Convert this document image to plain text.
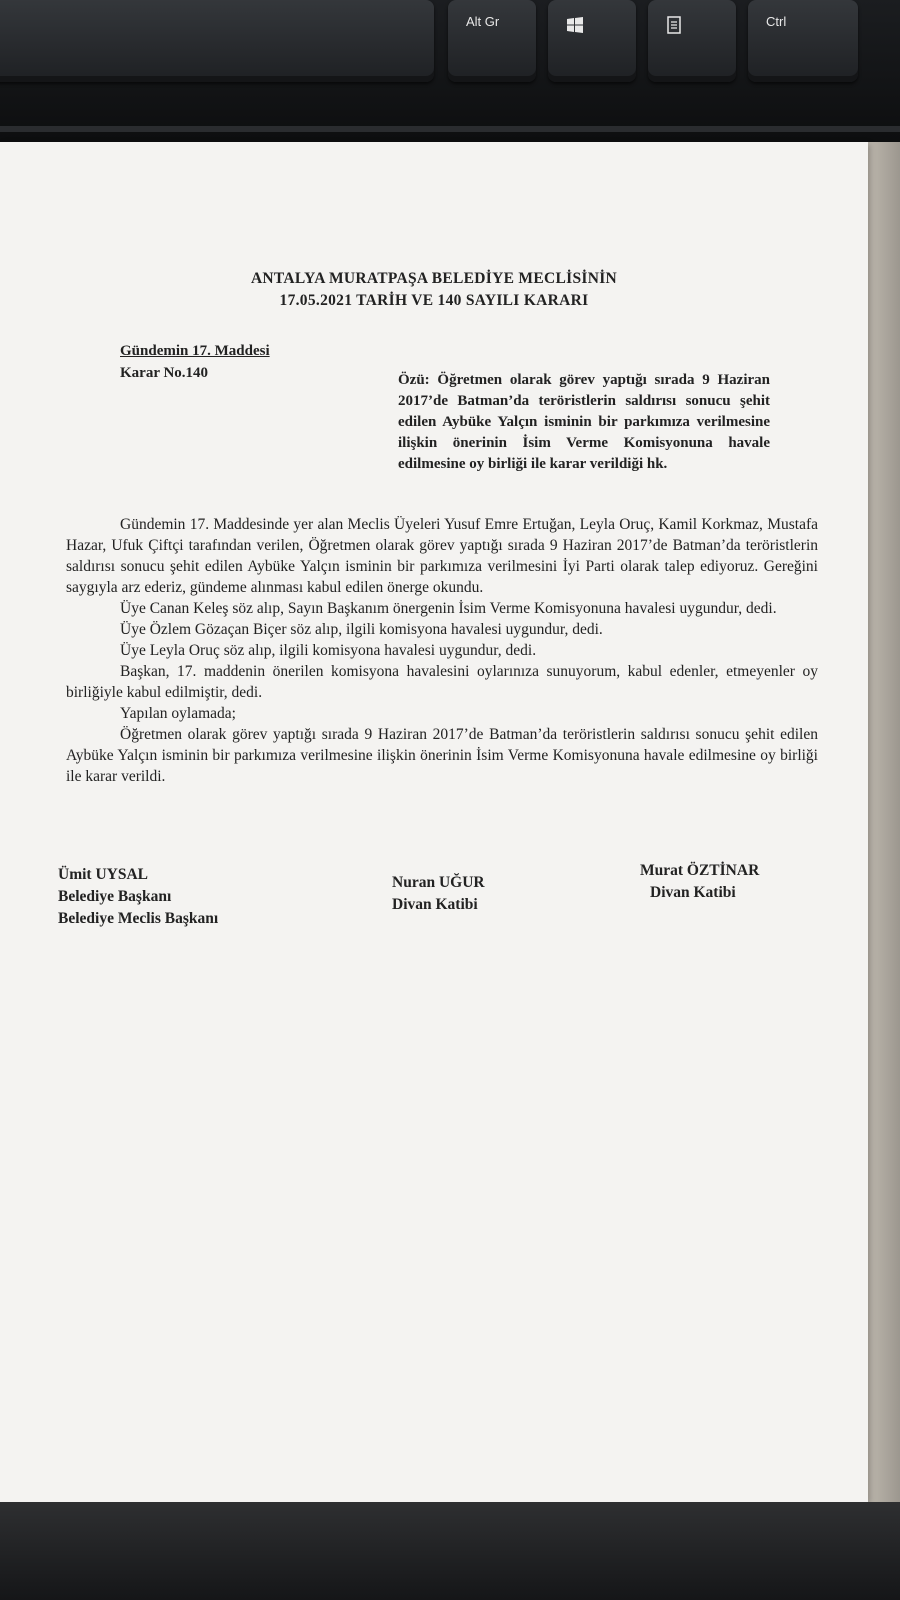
Alt Gr	Ctrl
ANTALYA MURATPAŞA BELEDİYE MECLİSİNİN
17.05.2021 TARİH VE 140 SAYILI KARARI
Gündemin 17. Maddesi
Karar No.140	Özü: Öğretmen olarak görev yaptığı sırada 9 Haziran 2017’de Batman’da teröristlerin saldırısı sonucu şehit edilen Aybüke Yalçın isminin bir parkımıza verilmesine ilişkin önerinin İsim Verme Komisyonuna havale edilmesine oy birliği ile karar verildiği hk.

Gündemin 17. Maddesinde yer alan Meclis Üyeleri Yusuf Emre Ertuğan, Leyla Oruç, Kamil Korkmaz, Mustafa Hazar, Ufuk Çiftçi tarafından verilen, Öğretmen olarak görev yaptığı sırada 9 Haziran 2017’de Batman’da teröristlerin saldırısı sonucu şehit edilen Aybüke Yalçın isminin bir parkımıza verilmesini İyi Parti olarak talep ediyoruz. Gereğini saygıyla arz ederiz, gündeme alınması kabul edilen önerge okundu.

Üye Canan Keleş söz alıp, Sayın Başkanım önergenin İsim Verme Komisyonuna havalesi uygundur, dedi.

Üye Özlem Gözaçan Biçer söz alıp, ilgili komisyona havalesi uygundur, dedi.

Üye Leyla Oruç söz alıp, ilgili komisyona havalesi uygundur, dedi.

Başkan, 17. maddenin önerilen komisyona havalesini oylarınıza sunuyorum, kabul edenler, etmeyenler oy birliğiyle kabul edilmiştir, dedi.

Yapılan oylamada;

Öğretmen olarak görev yaptığı sırada 9 Haziran 2017’de Batman’da teröristlerin saldırısı sonucu şehit edilen Aybüke Yalçın isminin bir parkımıza verilmesine ilişkin önerinin İsim Verme Komisyonuna havale edilmesine oy birliği ile karar verildi.

Ümit UYSAL
Belediye Başkanı
Belediye Meclis Başkanı
Nuran UĞUR
Divan Katibi
Murat ÖZTİNAR
Divan Katibi
